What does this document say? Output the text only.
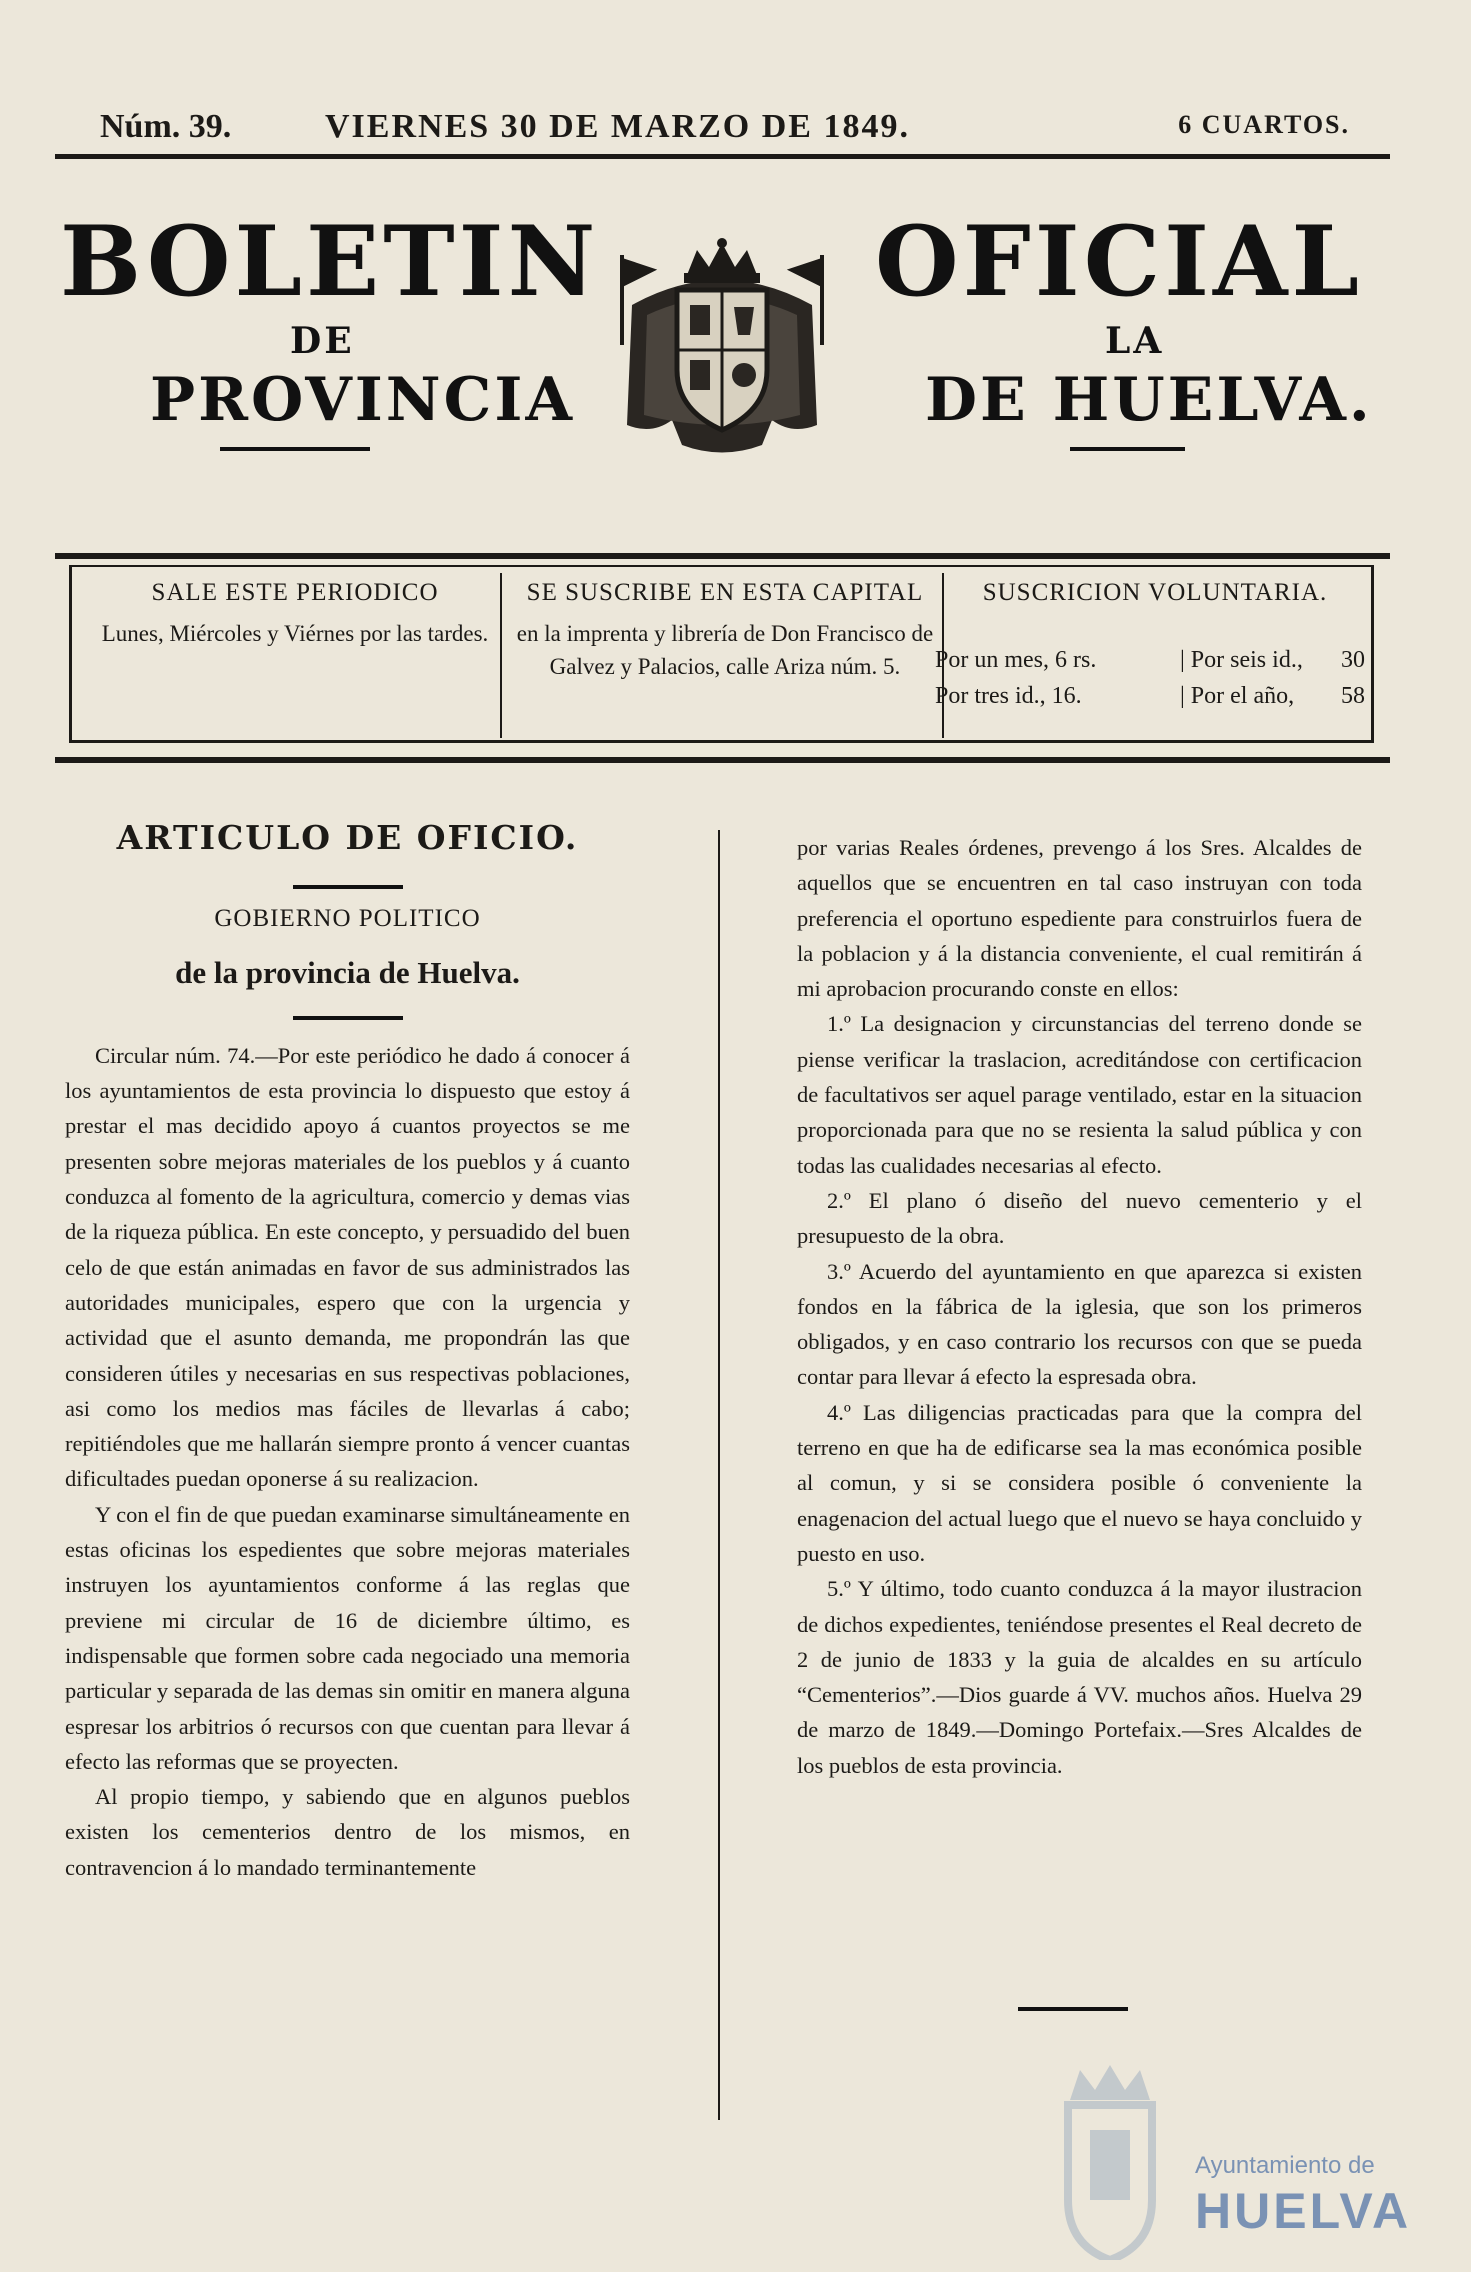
Núm. 39.	VIERNES 30 DE MARZO DE 1849.	6 CUARTOS.
BOLETIN	OFICIAL
DE	LA
PROVINCIA	DE HUELVA.
SALE ESTE PERIODICO

Lunes, Miércoles y Viérnes por las tardes.

SE SUSCRIBE EN ESTA CAPITAL

en la imprenta y librería de Don Francisco de Galvez y Palacios, calle Ariza núm. 5.

SUSCRICION VOLUNTARIA.
Por un mes, 6 rs.	| Por seis id., 30
Por tres id., 16.	| Por el año, 58

ARTICULO DE OFICIO.

GOBIERNO POLITICO

de la provincia de Huelva.

Circular núm. 74.—Por este periódico he dado á conocer á los ayuntamientos de esta provincia lo dispuesto que estoy á prestar el mas decidido apoyo á cuantos proyectos se me presenten sobre mejoras materiales de los pueblos y á cuanto conduzca al fomento de la agricultura, comercio y demas vias de la riqueza pública. En este concepto, y persuadido del buen celo de que están animadas en favor de sus administrados las autoridades municipales, espero que con la urgencia y actividad que el asunto demanda, me propondrán las que consideren útiles y necesarias en sus respectivas poblaciones, asi como los medios mas fáciles de llevarlas á cabo; repitiéndoles que me hallarán siempre pronto á vencer cuantas dificultades puedan oponerse á su realizacion.

Y con el fin de que puedan examinarse simultáneamente en estas oficinas los espedientes que sobre mejoras materiales instruyen los ayuntamientos conforme á las reglas que previene mi circular de 16 de diciembre último, es indispensable que formen sobre cada negociado una memoria particular y separada de las demas sin omitir en manera alguna espresar los arbitrios ó recursos con que cuentan para llevar á efecto las reformas que se proyecten.

Al propio tiempo, y sabiendo que en algunos pueblos existen los cementerios dentro de los mismos, en contravencion á lo mandado terminantemente

por varias Reales órdenes, prevengo á los Sres. Alcaldes de aquellos que se encuentren en tal caso instruyan con toda preferencia el oportuno espediente para construirlos fuera de la poblacion y á la distancia conveniente, el cual remitirán á mi aprobacion procurando conste en ellos:

1.º La designacion y circunstancias del terreno donde se piense verificar la traslacion, acreditándose con certificacion de facultativos ser aquel parage ventilado, estar en la situacion proporcionada para que no se resienta la salud pública y con todas las cualidades necesarias al efecto.

2.º El plano ó diseño del nuevo cementerio y el presupuesto de la obra.

3.º Acuerdo del ayuntamiento en que aparezca si existen fondos en la fábrica de la iglesia, que son los primeros obligados, y en caso contrario los recursos con que se pueda contar para llevar á efecto la espresada obra.

4.º Las diligencias practicadas para que la compra del terreno en que ha de edificarse sea la mas económica posible al comun, y si se considera posible ó conveniente la enagenacion del actual luego que el nuevo se haya concluido y puesto en uso.

5.º Y último, todo cuanto conduzca á la mayor ilustracion de dichos expedientes, teniéndose presentes el Real decreto de 2 de junio de 1833 y la guia de alcaldes en su artículo “Cementerios”.—Dios guarde á VV. muchos años. Huelva 29 de marzo de 1849.—Domingo Portefaix.—Sres Alcaldes de los pueblos de esta provincia.

Ayuntamiento de
HUELVA
